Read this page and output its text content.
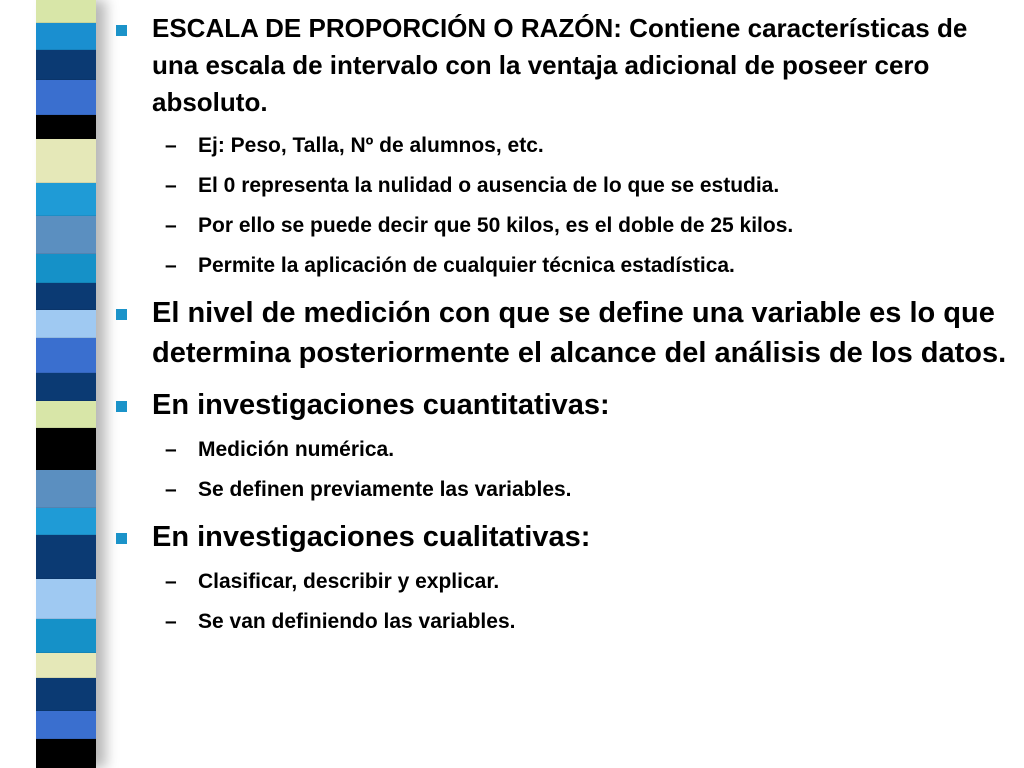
ESCALA DE PROPORCIÓN O RAZÓN: Contiene características de una escala de intervalo con la ventaja adicional de poseer cero absoluto.
– Ej: Peso, Talla, Nº de alumnos, etc.
– El 0 representa la nulidad o ausencia de lo que se estudia.
– Por ello se puede decir que 50 kilos, es el doble de 25 kilos.
– Permite la aplicación de cualquier técnica estadística.
El nivel de medición con que se define una variable es lo que determina posteriormente el alcance del análisis de los datos.
En investigaciones cuantitativas:
– Medición numérica.
– Se definen previamente las variables.
En investigaciones cualitativas:
– Clasificar, describir y explicar.
– Se van definiendo las variables.
